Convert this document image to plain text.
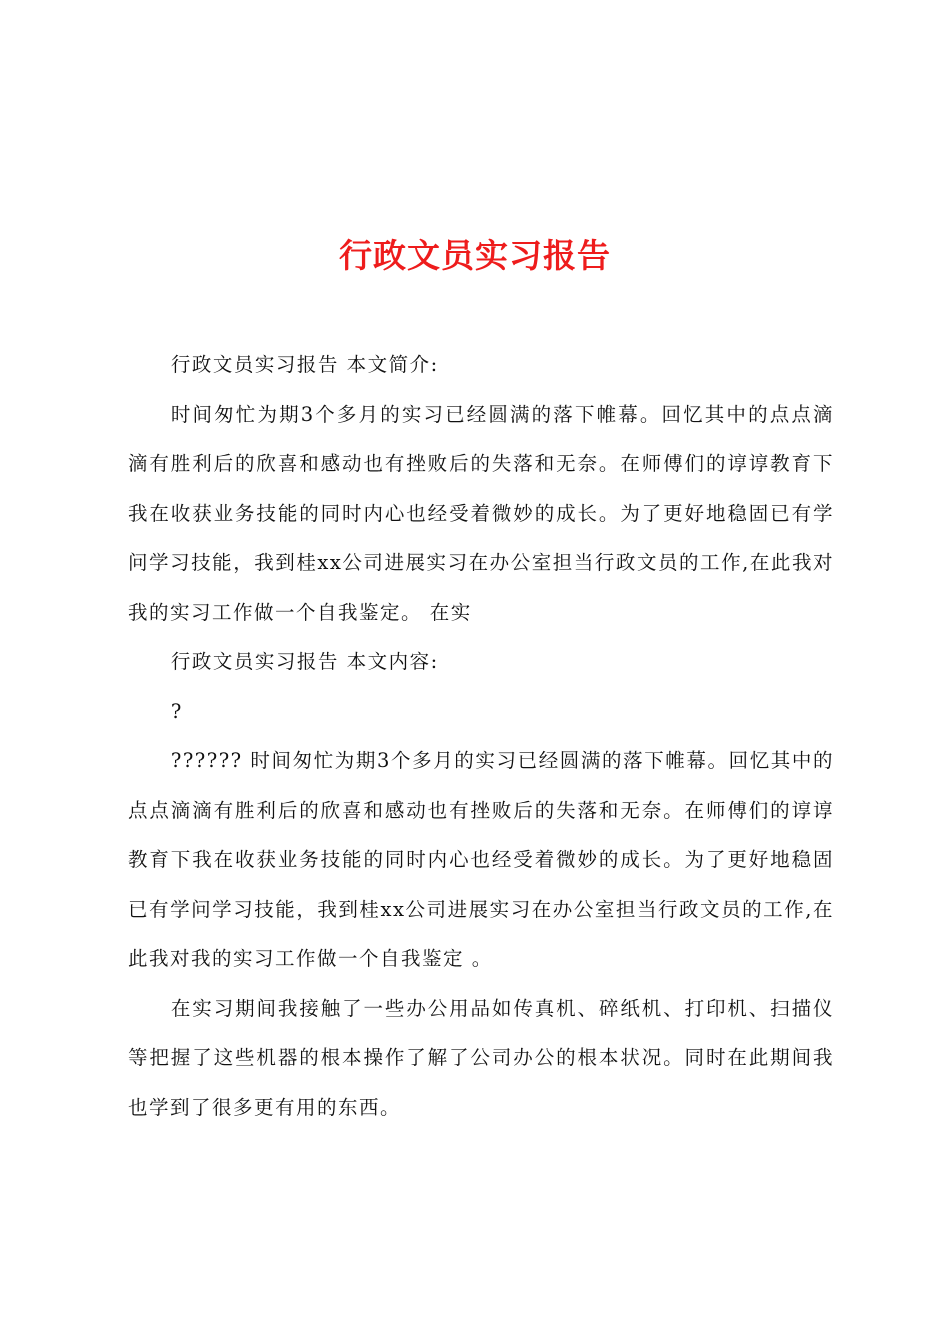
行政文员实习报告

行政文员实习报告 本文简介:

时间匆忙为期3个多月的实习已经圆满的落下帷幕。回忆其中的点点滴滴有胜利后的欣喜和感动也有挫败后的失落和无奈。在师傅们的谆谆教育下我在收获业务技能的同时内心也经受着微妙的成长。为了更好地稳固已有学问学习技能，我到桂xx公司进展实习在办公室担当行政文员的工作,在此我对我的实习工作做一个自我鉴定。 在实

行政文员实习报告 本文内容:

?

?????? 时间匆忙为期3个多月的实习已经圆满的落下帷幕。回忆其中的点点滴滴有胜利后的欣喜和感动也有挫败后的失落和无奈。在师傅们的谆谆教育下我在收获业务技能的同时内心也经受着微妙的成长。为了更好地稳固已有学问学习技能，我到桂xx公司进展实习在办公室担当行政文员的工作,在此我对我的实习工作做一个自我鉴定 。

在实习期间我接触了一些办公用品如传真机、碎纸机、打印机、扫描仪等把握了这些机器的根本操作了解了公司办公的根本状况。同时在此期间我也学到了很多更有用的东西。
